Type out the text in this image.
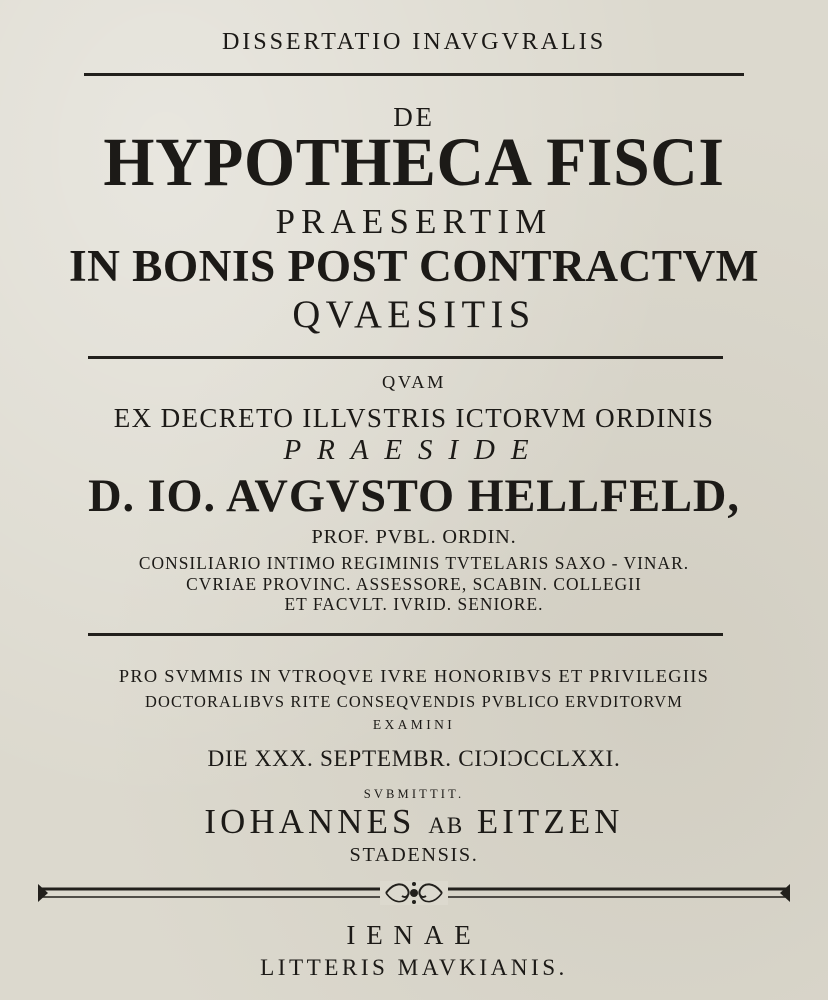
DISSERTATIO INAVGVRALIS
DE
HYPOTHECA FISCI
PRAESERTIM
IN BONIS POST CONTRACTVM
QVAESITIS
QVAM
EX DECRETO ILLVSTRIS ICTORVM ORDINIS
PRAESIDE
D. IO. AVGVSTO HELLFELD,
PROF. PVBL. ORDIN.
CONSILIARIO INTIMO REGIMINIS TVTELARIS SAXO - VINAR.
CVRIAE PROVINC. ASSESSORE, SCABIN. COLLEGII
ET FACVLT. IVRID. SENIORE.
PRO SVMMIS IN VTROQVE IVRE HONORIBVS ET PRIVILEGIIS
DOCTORALIBVS RITE CONSEQVENDIS PVBLICO ERVDITORVM
EXAMINI
DIE XXX. SEPTEMBR. CIϽIϽCCLXXI.
SVBMITTIT.
IOHANNES AB EITZEN
STADENSIS.
IENAE
LITTERIS MAVKIANIS.
